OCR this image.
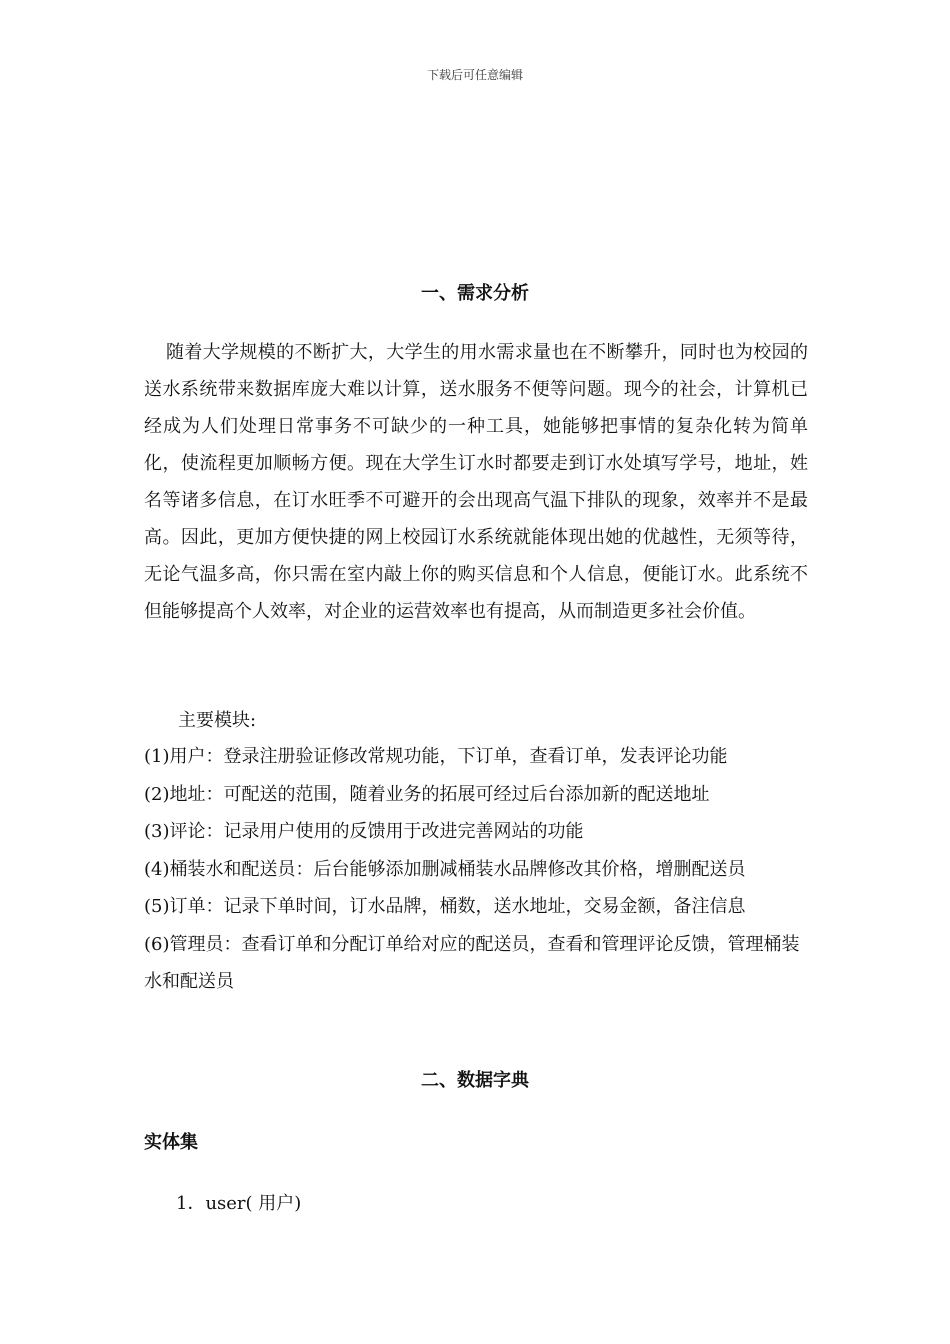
下载后可任意编辑
一、需求分析

随着大学规模的不断扩大，大学生的用水需求量也在不断攀升，同时也为校园的送水系统带来数据库庞大难以计算，送水服务不便等问题。现今的社会，计算机已经成为人们处理日常事务不可缺少的一种工具，她能够把事情的复杂化转为简单化，使流程更加顺畅方便。现在大学生订水时都要走到订水处填写学号，地址，姓名等诸多信息，在订水旺季不可避开的会出现高气温下排队的现象，效率并不是最高。因此，更加方便快捷的网上校园订水系统就能体现出她的优越性，无须等待，无论气温多高，你只需在室内敲上你的购买信息和个人信息，便能订水。此系统不但能够提高个人效率，对企业的运营效率也有提高，从而制造更多社会价值。

主要模块:
(1)用户：登录注册验证修改常规功能，下订单，查看订单，发表评论功能
(2)地址：可配送的范围，随着业务的拓展可经过后台添加新的配送地址
(3)评论：记录用户使用的反馈用于改进完善网站的功能
(4)桶装水和配送员：后台能够添加删减桶装水品牌修改其价格，增删配送员
(5)订单：记录下单时间，订水品牌，桶数，送水地址，交易金额，备注信息
(6)管理员：查看订单和分配订单给对应的配送员，查看和管理评论反馈，管理桶装水和配送员
二、数据字典
实体集
1．user( 用户)
